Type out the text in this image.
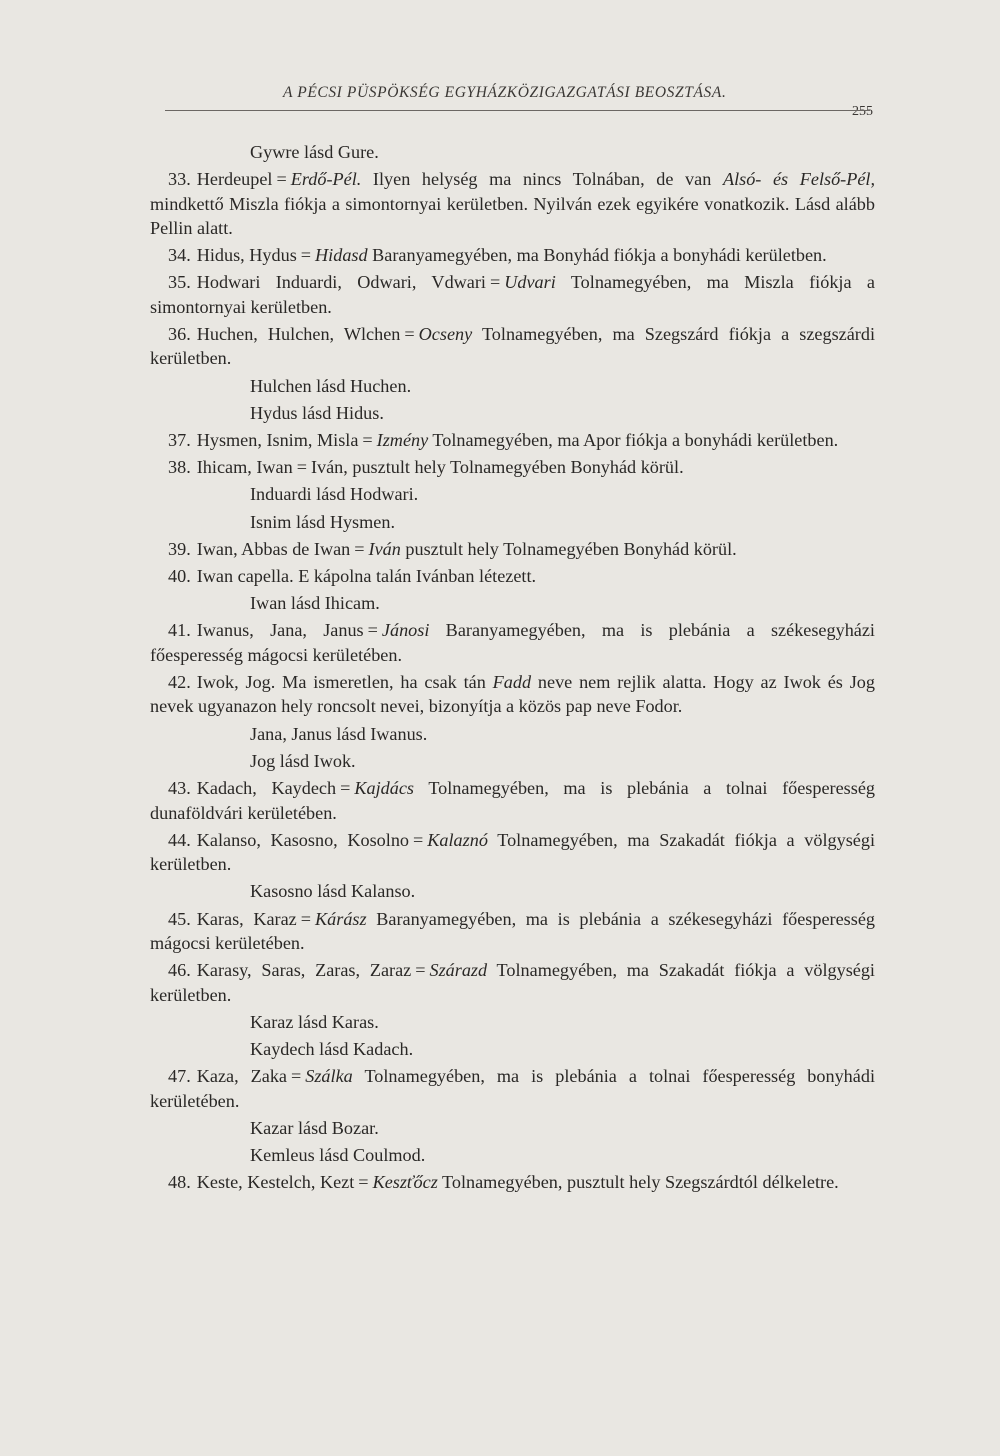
A PÉCSI PÜSPÖKSÉG EGYHÁZKÖZIGAZGATÁSI BEOSZTÁSA.
255
Gywre lásd Gure.
33. Herdeupel = Erdő-Pél. Ilyen helység ma nincs Tolnában, de van Alsó- és Felső-Pél, mindkettő Miszla fiókja a simontornyai kerületben. Nyilván ezek egyikére vonatkozik. Lásd alább Pellin alatt.
34. Hidus, Hydus = Hidasd Baranyamegyében, ma Bonyhád fiókja a bonyhádi kerületben.
35. Hodwari Induardi, Odwari, Vdwari = Udvari Tolnamegyében, ma Miszla fiókja a simontornyai kerületben.
36. Huchen, Hulchen, Wlchen = Ocseny Tolnamegyében, ma Szegszárd fiókja a szegszárdi kerületben.
Hulchen lásd Huchen.
Hydus lásd Hidus.
37. Hysmen, Isnim, Misla = Izmény Tolnamegyében, ma Apor fiókja a bonyhádi kerületben.
38. Ihicam, Iwan = Iván, pusztult hely Tolnamegyében Bonyhád körül.
Induardi lásd Hodwari.
Isnim lásd Hysmen.
39. Iwan, Abbas de Iwan = Iván pusztult hely Tolnamegyében Bonyhád körül.
40. Iwan capella. E kápolna talán Ivánban létezett.
Iwan lásd Ihicam.
41. Iwanus, Jana, Janus = Jánosi Baranyamegyében, ma is plebánia a székesegyházi főesperesség mágocsi kerületében.
42. Iwok, Jog. Ma ismeretlen, ha csak tán Fadd neve nem rejlik alatta. Hogy az Iwok és Jog nevek ugyanazon hely roncsolt nevei, bizonyítja a közös pap neve Fodor.
Jana, Janus lásd Iwanus.
Jog lásd Iwok.
43. Kadach, Kaydech = Kajdács Tolnamegyében, ma is plebánia a tolnai főesperesség dunaföldvári kerületében.
44. Kalanso, Kasosno, Kosolno = Kalaznó Tolnamegyében, ma Szakadát fiókja a völgységi kerületben.
Kasosno lásd Kalanso.
45. Karas, Karaz = Kárász Baranyamegyében, ma is plebánia a székesegyházi főesperesség mágocsi kerületében.
46. Karasy, Saras, Zaras, Zaraz = Szárazd Tolnamegyében, ma Szakadát fiókja a völgységi kerületben.
Karaz lásd Karas.
Kaydech lásd Kadach.
47. Kaza, Zaka = Szálka Tolnamegyében, ma is plebánia a tolnai főesperesség bonyhádi kerületében.
Kazar lásd Bozar.
Kemleus lásd Coulmod.
48. Keste, Kestelch, Kezt = Keszťőcz Tolnamegyében, pusztult hely Szegszárdtól délkeletre.
